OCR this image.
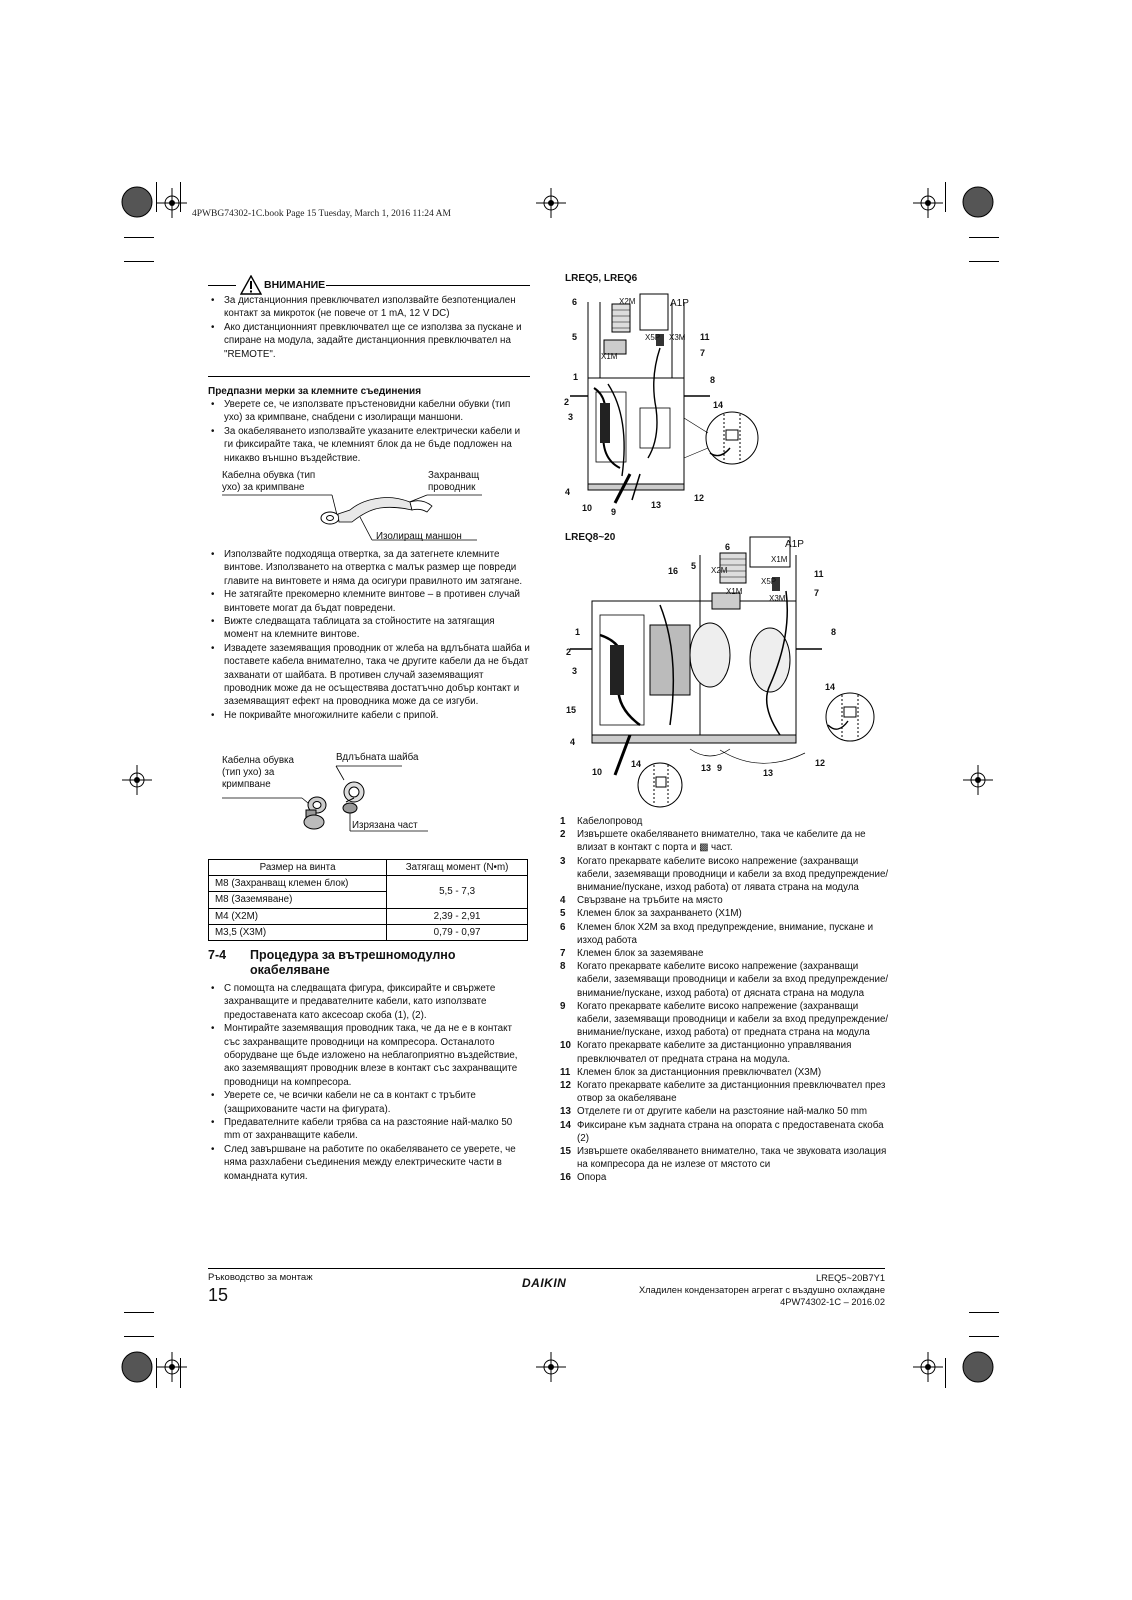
4PWBG74302-1C.book Page 15 Tuesday, March 1, 2016 11:24 AM
ВНИМАНИЕ
• За дистанционния превключвател използвайте безпотенциален контакт за микроток (не повече от 1 mA, 12 V DC)
• Ако дистанционният превключвател ще се използва за пускане и спиране на модула, задайте дистанционния превключвател на "REMOTE".
Предпазни мерки за клемните съединения
• Уверете се, че използвате пръстеновидни кабелни обувки (тип ухо) за кримпване, снабдени с изолиращи маншони.
• За окабеляването използвайте указаните електрически кабели и ги фиксирайте така, че клемният блок да не бъде подложен на никакво външно въздействие.
Кабелна обувка (тип ухо) за кримпване
Захранващ проводник
Изолиращ маншон
• Използвайте подходяща отвертка, за да затегнете клемните винтове. Използването на отвертка с малък размер ще повреди главите на винтовете и няма да осигури правилното им затягане.
• Не затягайте прекомерно клемните винтове – в противен случай винтовете могат да бъдат повредени.
• Вижте следващата таблицата за стойностите на затягащия момент на клемните винтове.
• Извадете заземяващия проводник от жлеба на вдлъбната шайба и поставете кабела внимателно, така че другите кабели да не бъдат захванати от шайбата. В противен случай заземяващият проводник може да не осъществява достатъчно добър контакт и заземяващият ефект на проводника може да се изгуби.
• Не покривайте многожилните кабели с припой.
Кабелна обувка (тип ухо) за кримпване
Вдлъбната шайба
Изрязана част
Размер на винта	Затягащ момент (N•m)
M8 (Захранващ клемен блок)	5,5 - 7,3
M8 (Заземяване)	
M4 (X2M)	2,39 - 2,91
M3,5 (X3M)	0,79 - 0,97
7-4	Процедура за вътрешномодулно окабеляване
• С помощта на следващата фигура, фиксирайте и свържете захранващите и предавателните кабели, като използвате предоставената като аксесоар скоба (1), (2).
• Монтирайте заземяващия проводник така, че да не е в контакт със захранващите проводници на компресора. Останалото оборудване ще бъде изложено на неблагоприятно въздействие, ако заземяващият проводник влезе в контакт със захранващите проводници на компресора.
• Уверете се, че всички кабели не са в контакт с тръбите (защрихованите части на фигурата).
• Предавателните кабели трябва са на разстояние най-малко 50 mm от захранващите кабели.
• След завършване на работите по окабеляването се уверете, че няма разхлабени съединения между електрическите части в командната кутия.
LREQ5, LREQ6
X2M	A1P
X1M
X5P X3M
6
5
1
2
3
4
10 9
13
12
11
7
8
14
LREQ8~20
X2M
X1M
X1M
X5P
X3M
A1P
6
16 5
1
2
3
15
4
10
14	13 9	13
12
11
7
8
14
1	Кабелопровод
2	Извършете окабеляването внимателно, така че кабелите да не влизат в контакт с порта и ▩ част.
3	Когато прекарвате кабелите високо напрежение (захранващи кабели, заземяващи проводници и кабели за вход предупреждение/внимание/пускане, изход работа) от лявата страна на модула
4	Свързване на тръбите на място
5	Клемен блок за захранването (X1M)
6	Клемен блок X2M за вход предупреждение, внимание, пускане и изход работа
7	Клемен блок за заземяване
8	Когато прекарвате кабелите високо напрежение (захранващи кабели, заземяващи проводници и кабели за вход предупреждение/внимание/пускане, изход работа) от дясната страна на модула
9	Когато прекарвате кабелите високо напрежение (захранващи кабели, заземяващи проводници и кабели за вход предупреждение/внимание/пускане, изход работа) от предната страна на модула
10 Когато прекарвате кабелите за дистанционно управлявания превключвател от предната страна на модула.
11 Клемен блок за дистанционния превключвател (X3M)
12 Когато прекарвате кабелите за дистанционния превключвател през отвор за окабеляване
13 Отделете ги от другите кабели на разстояние най-малко 50 mm
14 Фиксиране към задната страна на опората с предоставената скоба (2)
15 Извършете окабеляването внимателно, така че звуковата изолация на компресора да не излезе от мястото си
16 Опора
Ръководство за монтаж
15
DAIKIN	LREQ5~20B7Y1
Хладилен кондензаторен агрегат с въздушно охлаждане
4PW74302-1C – 2016.02
